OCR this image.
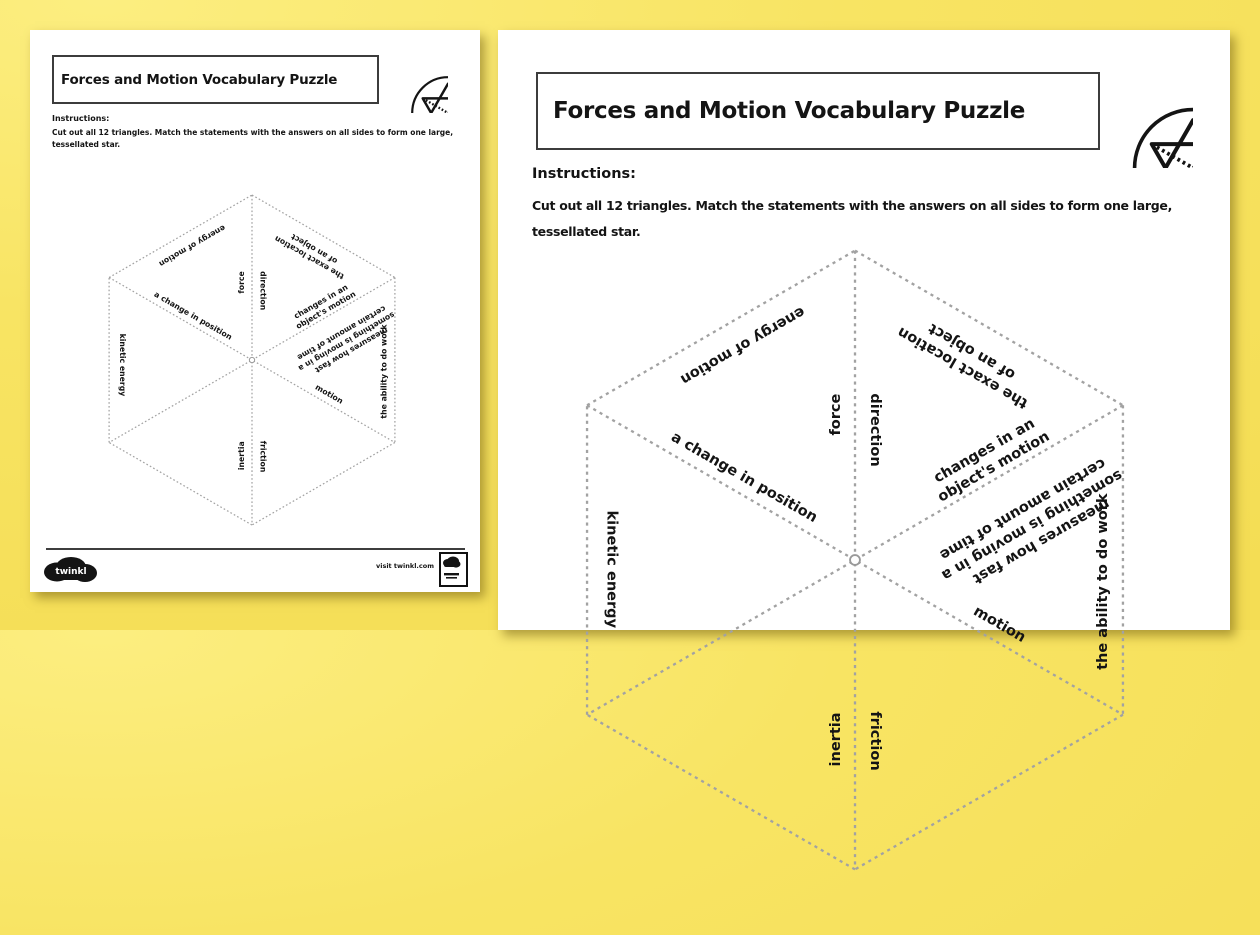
Forces and Motion Vocabulary Puzzle
Instructions:

Cut out all 12 triangles. Match the statements with the answers on all sides to form one large, tessellated star.

twinkl
visit twinkl.com
Forces and Motion Vocabulary Puzzle
Instructions:

Cut out all 12 triangles. Match the statements with the answers on all sides to form one large, tessellated star.
